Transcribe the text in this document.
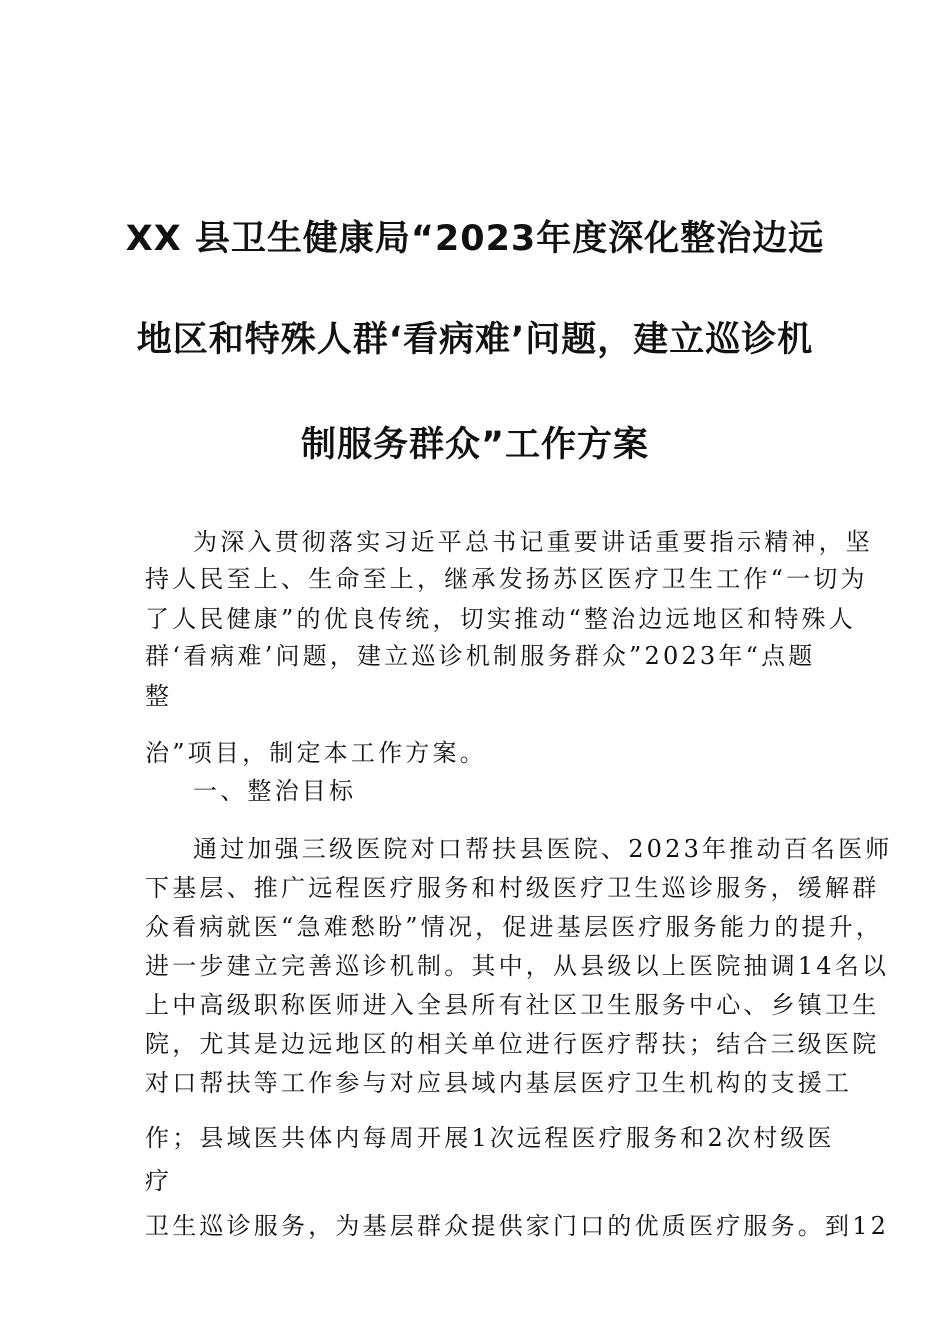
XX 县卫生健康局“2023年度深化整治边远
地区和特殊人群‘看病难’问题，建立巡诊机
制服务群众”工作方案
为深入贯彻落实习近平总书记重要讲话重要指示精神，坚
持人民至上、生命至上，继承发扬苏区医疗卫生工作“一切为
了人民健康”的优良传统，切实推动“整治边远地区和特殊人
群‘看病难’问题，建立巡诊机制服务群众”2023年“点题
整
治”项目，制定本工作方案。
一、整治目标
通过加强三级医院对口帮扶县医院、2023年推动百名医师
下基层、推广远程医疗服务和村级医疗卫生巡诊服务，缓解群
众看病就医“急难愁盼”情况，促进基层医疗服务能力的提升，
进一步建立完善巡诊机制。其中，从县级以上医院抽调14名以
上中高级职称医师进入全县所有社区卫生服务中心、乡镇卫生
院，尤其是边远地区的相关单位进行医疗帮扶；结合三级医院
对口帮扶等工作参与对应县域内基层医疗卫生机构的支援工
作；县域医共体内每周开展1次远程医疗服务和2次村级医
疗
卫生巡诊服务，为基层群众提供家门口的优质医疗服务。到12
